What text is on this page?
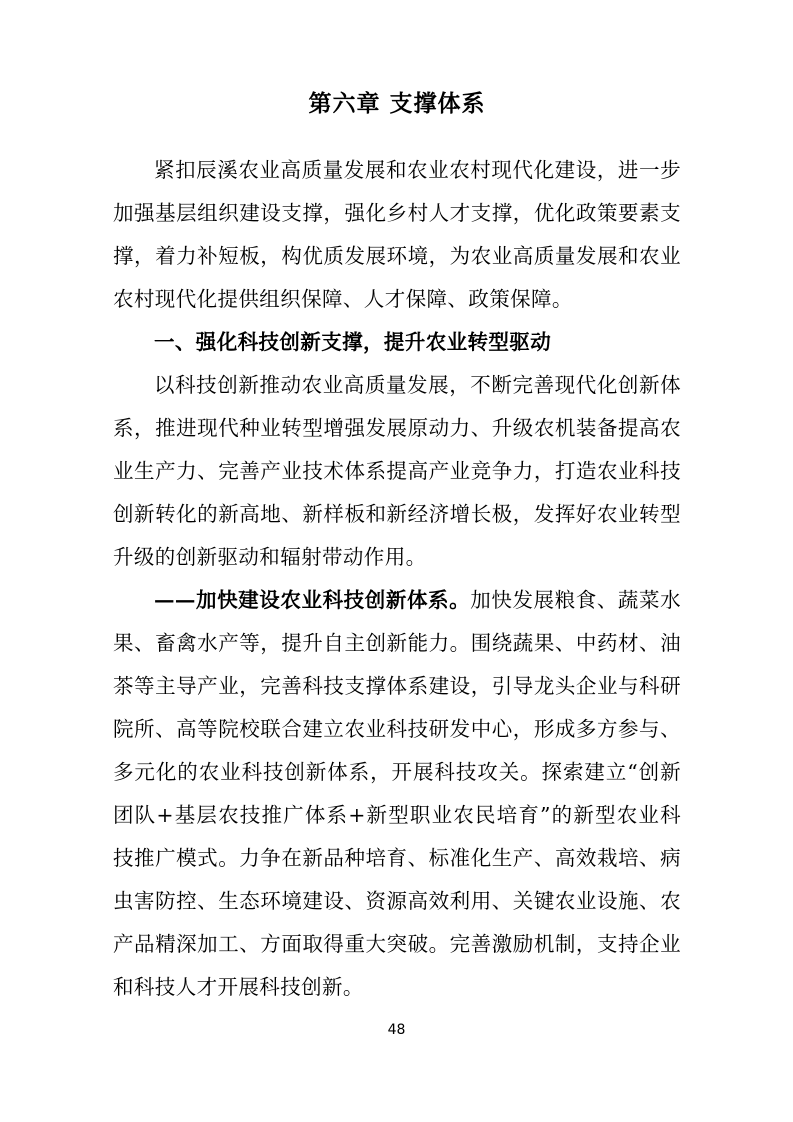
第六章 支撑体系

紧扣辰溪农业高质量发展和农业农村现代化建设，进一步加强基层组织建设支撑，强化乡村人才支撑，优化政策要素支撑，着力补短板，构优质发展环境，为农业高质量发展和农业农村现代化提供组织保障、人才保障、政策保障。

一、强化科技创新支撑，提升农业转型驱动

以科技创新推动农业高质量发展，不断完善现代化创新体系，推进现代种业转型增强发展原动力、升级农机装备提高农业生产力、完善产业技术体系提高产业竞争力，打造农业科技创新转化的新高地、新样板和新经济增长极，发挥好农业转型升级的创新驱动和辐射带动作用。

——加快建设农业科技创新体系。加快发展粮食、蔬菜水果、畜禽水产等，提升自主创新能力。围绕蔬果、中药材、油茶等主导产业，完善科技支撑体系建设，引导龙头企业与科研院所、高等院校联合建立农业科技研发中心，形成多方参与、多元化的农业科技创新体系，开展科技攻关。探索建立“创新团队+基层农技推广体系+新型职业农民培育”的新型农业科技推广模式。力争在新品种培育、标准化生产、高效栽培、病虫害防控、生态环境建设、资源高效利用、关键农业设施、农产品精深加工、方面取得重大突破。完善激励机制，支持企业和科技人才开展科技创新。

48
